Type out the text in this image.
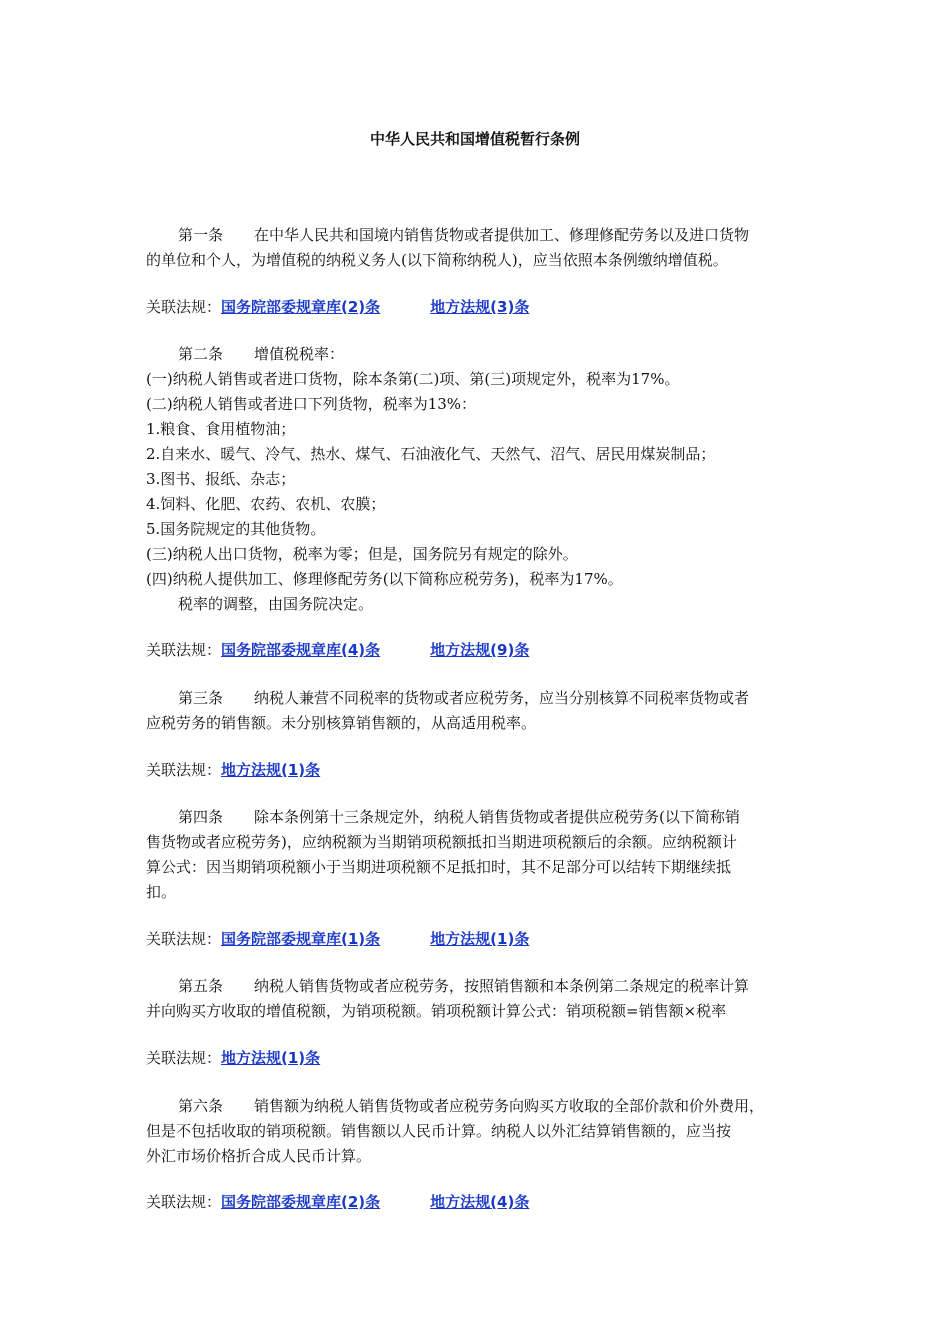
中华人民共和国增值税暂行条例
第一条 在中华人民共和国境内销售货物或者提供加工、修理修配劳务以及进口货物
的单位和个人，为增值税的纳税义务人(以下简称纳税人)，应当依照本条例缴纳增值税。
关联法规：国务院部委规章库(2)条	地方法规(3)条
第二条 增值税税率：
(一)纳税人销售或者进口货物，除本条第(二)项、第(三)项规定外，税率为17%。
(二)纳税人销售或者进口下列货物，税率为13%：
1.粮食、食用植物油；
2.自来水、暖气、冷气、热水、煤气、石油液化气、天然气、沼气、居民用煤炭制品；
3.图书、报纸、杂志；
4.饲料、化肥、农药、农机、农膜；
5.国务院规定的其他货物。
(三)纳税人出口货物，税率为零；但是，国务院另有规定的除外。
(四)纳税人提供加工、修理修配劳务(以下简称应税劳务)，税率为17%。
税率的调整，由国务院决定。
关联法规：国务院部委规章库(4)条	地方法规(9)条
第三条 纳税人兼营不同税率的货物或者应税劳务，应当分别核算不同税率货物或者
应税劳务的销售额。未分别核算销售额的，从高适用税率。
关联法规：地方法规(1)条
第四条 除本条例第十三条规定外，纳税人销售货物或者提供应税劳务(以下简称销
售货物或者应税劳务)，应纳税额为当期销项税额抵扣当期进项税额后的余额。应纳税额计
算公式：因当期销项税额小于当期进项税额不足抵扣时，其不足部分可以结转下期继续抵
扣。
关联法规：国务院部委规章库(1)条	地方法规(1)条
第五条 纳税人销售货物或者应税劳务，按照销售额和本条例第二条规定的税率计算
并向购买方收取的增值税额，为销项税额。销项税额计算公式：销项税额=销售额×税率
关联法规：地方法规(1)条
第六条 销售额为纳税人销售货物或者应税劳务向购买方收取的全部价款和价外费用，
但是不包括收取的销项税额。销售额以人民币计算。纳税人以外汇结算销售额的，应当按
外汇市场价格折合成人民币计算。
关联法规：国务院部委规章库(2)条	地方法规(4)条
